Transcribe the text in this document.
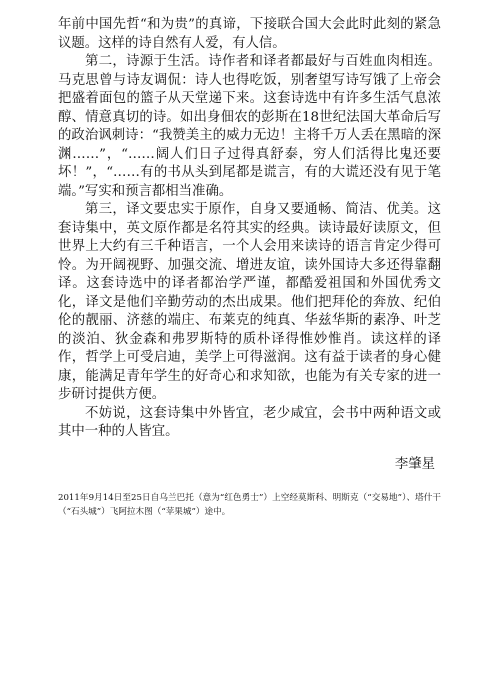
年前中国先哲“和为贵”的真谛，下接联合国大会此时此刻的紧急议题。这样的诗自然有人爱，有人信。

第二，诗源于生活。诗作者和译者都最好与百姓血肉相连。马克思曾与诗友调侃：诗人也得吃饭，别奢望写诗写饿了上帝会把盛着面包的篮子从天堂递下来。这套诗选中有许多生活气息浓醇、情意真切的诗。如出身佃农的彭斯在18世纪法国大革命后写的政治讽刺诗：“我赞美主的威力无边！主将千万人丢在黑暗的深渊……”，“……阔人们日子过得真舒泰，穷人们活得比鬼还要坏！”，“……有的书从头到尾都是谎言，有的大谎还没有见于笔端。”写实和预言都相当准确。

第三，译文要忠实于原作，自身又要通畅、简洁、优美。这套诗集中，英文原作都是名符其实的经典。读诗最好读原文，但世界上大约有三千种语言，一个人会用来读诗的语言肯定少得可怜。为开阔视野、加强交流、增进友谊，读外国诗大多还得靠翻译。这套诗选中的译者都治学严谨，都酷爱祖国和外国优秀文化，译文是他们辛勤劳动的杰出成果。他们把拜伦的奔放、纪伯伦的靓丽、济慈的端庄、布莱克的纯真、华兹华斯的素净、叶芝的淡泊、狄金森和弗罗斯特的质朴译得惟妙惟肖。读这样的译作，哲学上可受启迪，美学上可得滋润。这有益于读者的身心健康，能满足青年学生的好奇心和求知欲，也能为有关专家的进一步研讨提供方便。

不妨说，这套诗集中外皆宜，老少咸宜，会书中两种语文或其中一种的人皆宜。

李肇星

2011年9月14日至25日自乌兰巴托（意为“红色勇士”）上空经莫斯科、明斯克（“交易地”）、塔什干（“石头城”）飞阿拉木图（“苹果城”）途中。
